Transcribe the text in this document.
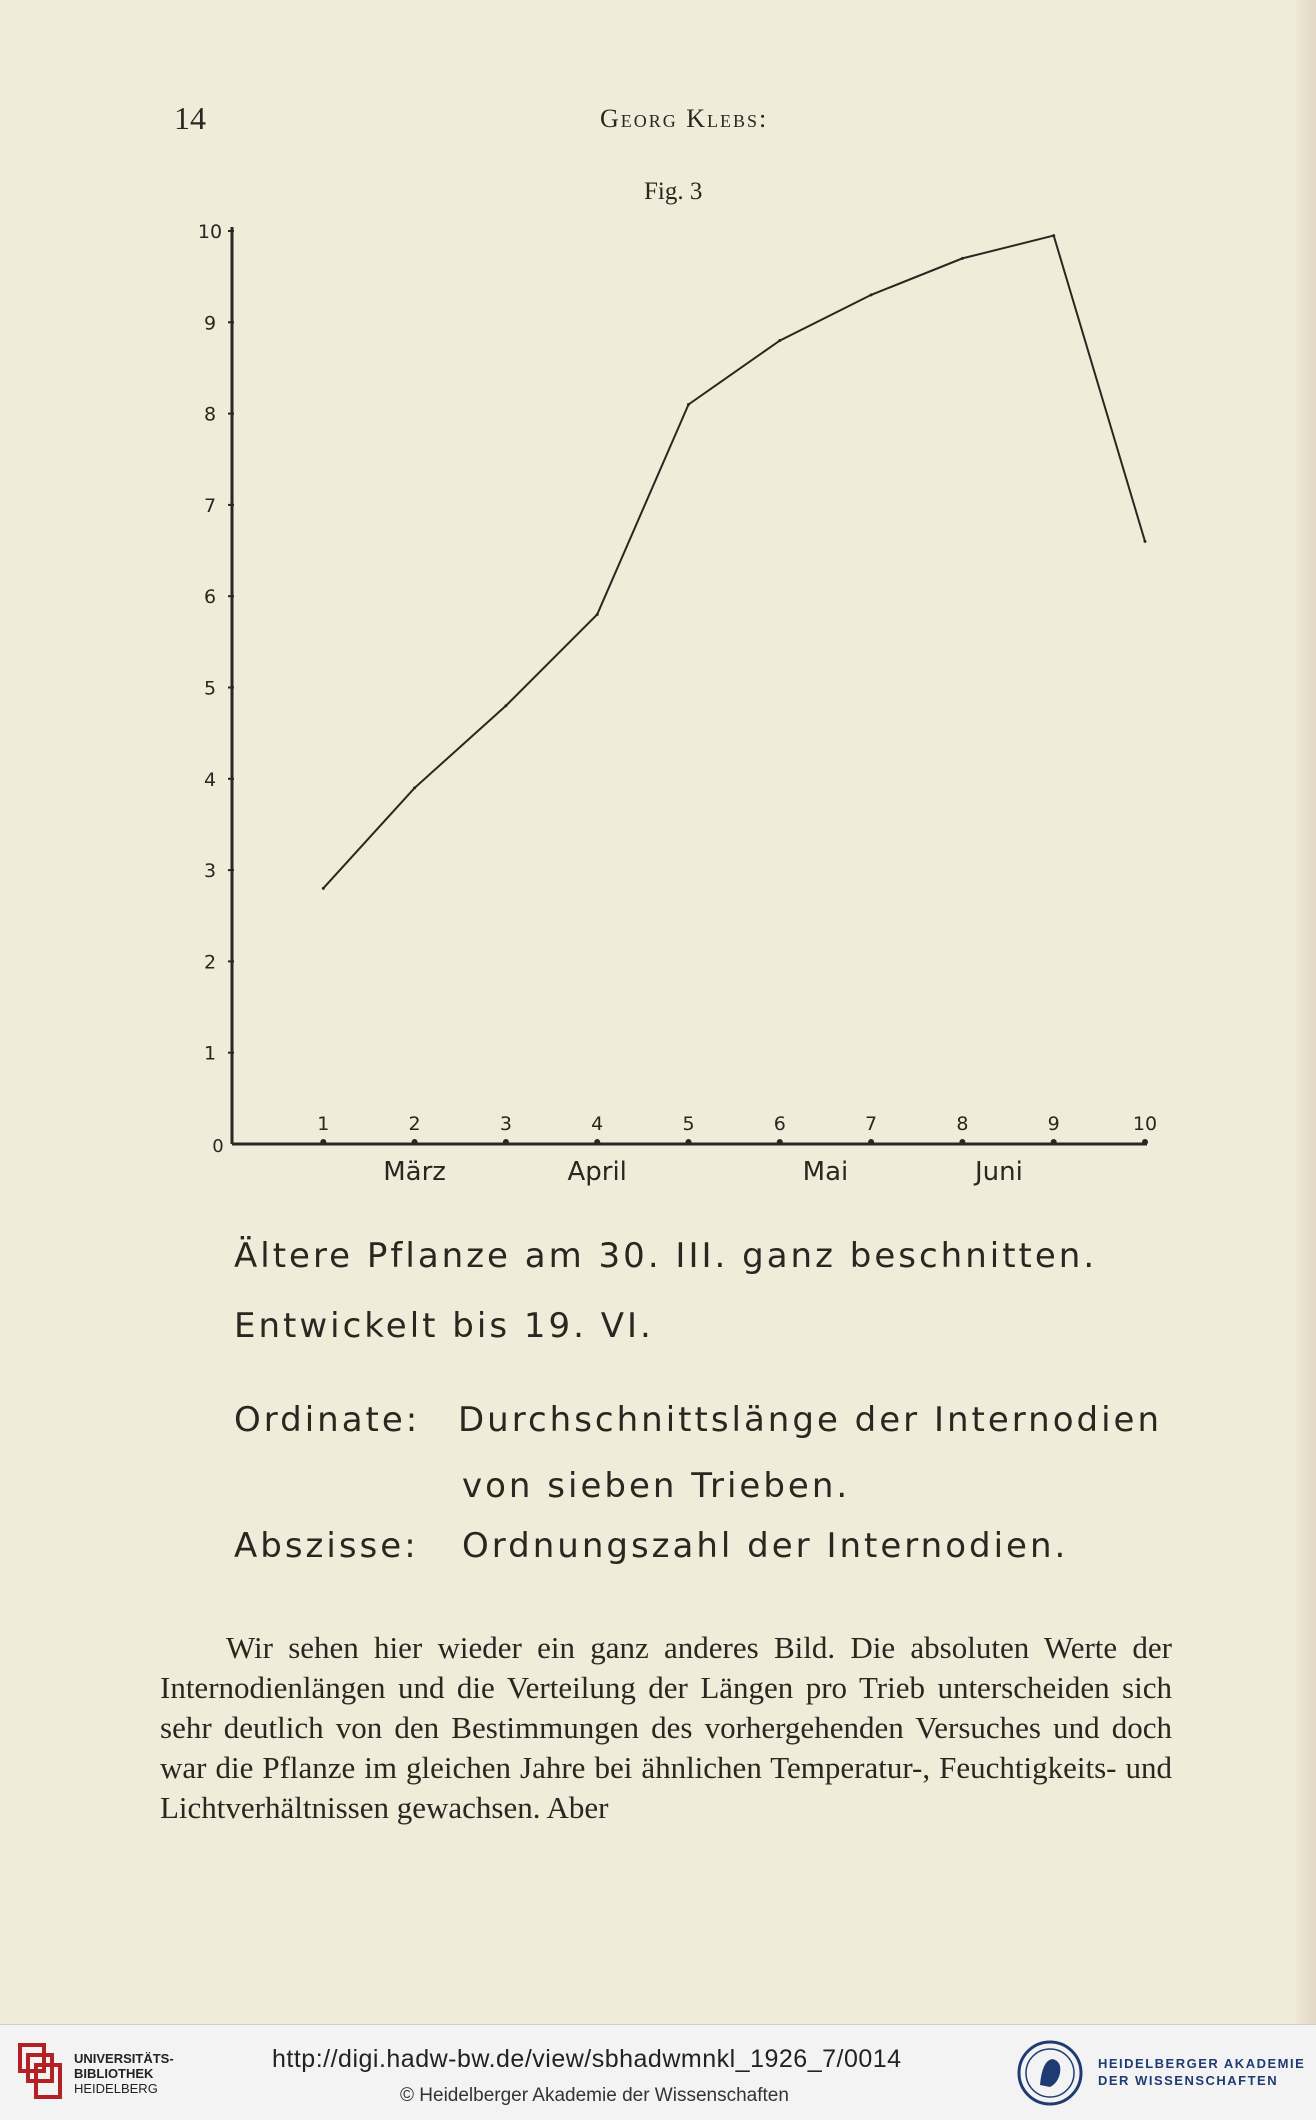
14	Georg Klebs:
Fig. 3
0
1
2
3
4
5
6
7
8
9
10
1	2	3	4	5	6	7	8	9	10
März	April	Mai	Juni
Ältere Pflanze am 30. III. ganz beschnitten.
Entwickelt bis 19. VI.
Ordinate: Durchschnittslänge der Internodien
von sieben Trieben.
Abszisse: Ordnungszahl der Internodien.

Wir sehen hier wieder ein ganz anderes Bild. Die absoluten Werte der Internodienlängen und die Verteilung der Längen pro Trieb unterscheiden sich sehr deutlich von den Bestimmungen des vorhergehenden Versuches und doch war die Pflanze im gleichen Jahre bei ähnlichen Temperatur-, Feuchtigkeits- und Lichtverhältnissen gewachsen. Aber

UNIVERSITÄTS-
BIBLIOTHEK
HEIDELBERG
http://digi.hadw-bw.de/view/sbhadwmnkl_1926_7/0014
© Heidelberger Akademie der Wissenschaften
HEIDELBERGER AKADEMIE
DER WISSENSCHAFTEN
